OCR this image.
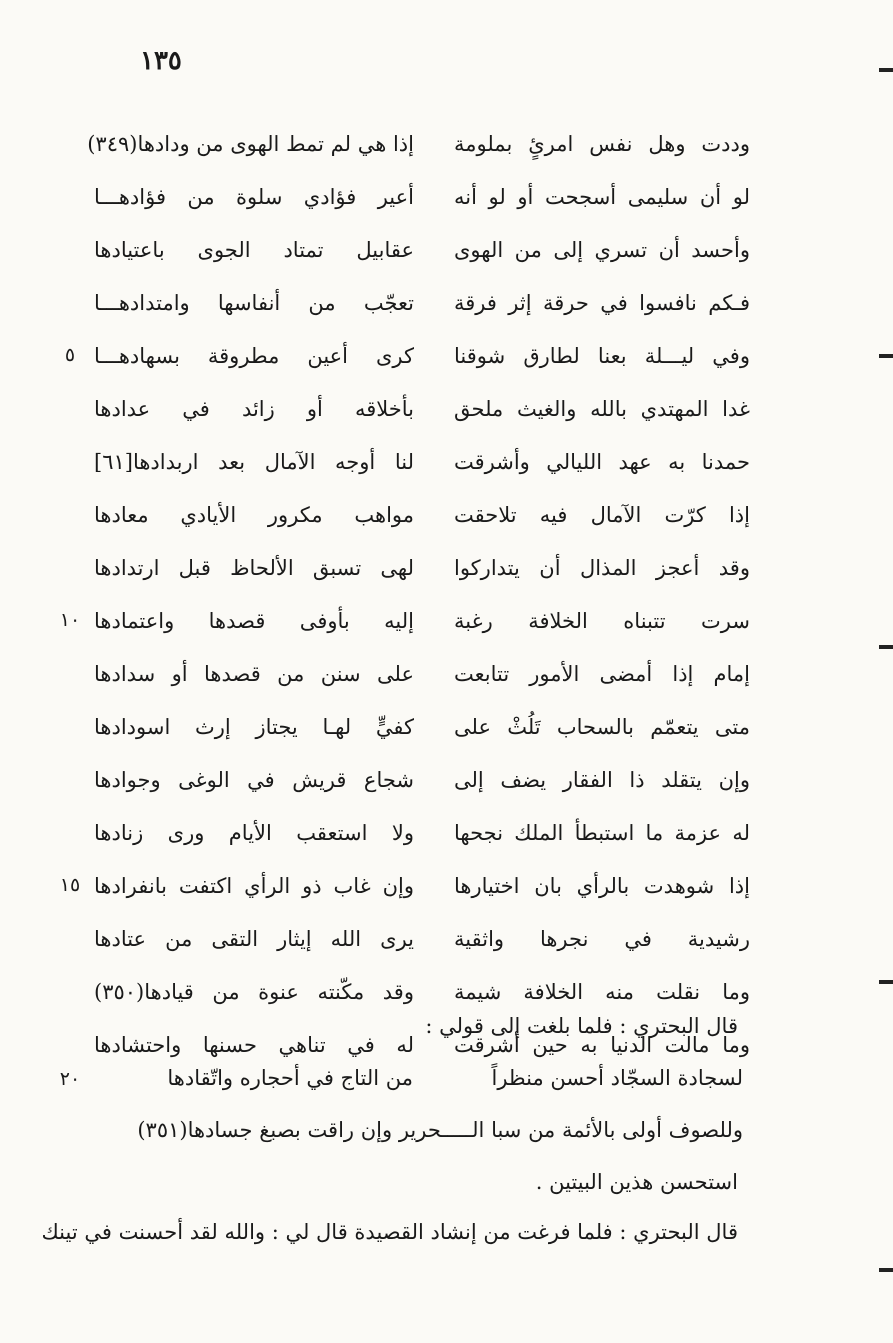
١٣٥
وددت وهل نفس امرئٍ بملومة
إذا هي لم تمط الهوى من ودادها(٣٤٩)
لو أن سليمى أسجحت أو لو أنه
أعير فؤادي سلوة من فؤادهـــا
وأحسد أن تسري إلى من الهوى
عقابيل تمتاد الجوى باعتيادها
فـكم نافسوا في حرقة إثر فرقة
تعجّب من أنفاسها وامتدادهـــا
وفي ليـــلة بعنا لطارق شوقنا
كرى أعين مطروقة بسهادهـــا
٥
غدا المهتدي بالله والغيث ملحق
بأخلاقه أو زائد في عدادها
حمدنا به عهد الليالي وأشرقت
لنا أوجه الآمال بعد اربدادها[٦١]
إذا كرّت الآمال فيه تلاحقت
مواهب مكرور الأيادي معادها
وقد أعجز المذال أن يتداركوا
لهى تسبق الألحاظ قبل ارتدادها
سرت تتبناه الخلافة رغبة
إليه بأوفى قصدها واعتمادها
١٠
إمام إذا أمضى الأمور تتابعت
على سنن من قصدها أو سدادها
متى يتعمّم بالسحاب تَلُثْ على
كفيٍّ لهـا يجتاز إرث اسودادها
وإن يتقلد ذا الفقار يضف إلى
شجاع قريش في الوغى وجوادها
له عزمة ما استبطأ الملك نجحها
ولا استعقب الأيام ورى زنادها
إذا شوهدت بالرأي بان اختيارها
وإن غاب ذو الرأي اكتفت بانفرادها
١٥
رشيدية في نجرها واثقية
يرى الله إيثار التقى من عتادها
وما نقلت منه الخلافة شيمة
وقد مكّنته عنوة من قيادها(٣٥٠)
وما مالت الدنيا به حين أشرقت
له في تناهي حسنها واحتشادها
قال البحتري : فلما بلغت إلى قولي :
لسجادة السجّاد أحسن منظراً
من التاج في أحجاره واتّقادها
٢٠
وللصوف أولى بالأئمة من سبا الـــــحرير وإن راقت بصبغ جسادها(٣٥١)
استحسن هذين البيتين .
قال البحتري : فلما فرغت من إنشاد القصيدة قال لي : والله لقد أحسنت في تينك
